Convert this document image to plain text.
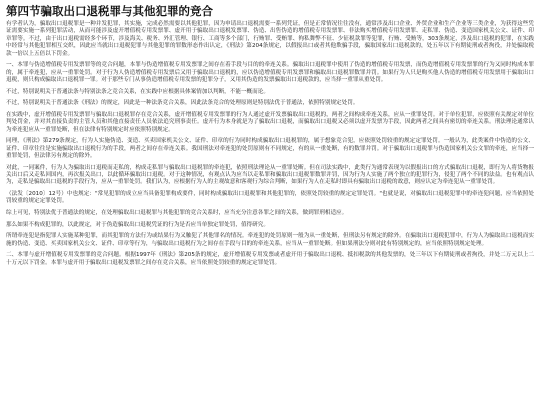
第四节骗取出口退税罪与其他犯罪的竞合

有学者认为，骗取出口退税罪是一种并发犯罪，其实施，完成必然需要以其他犯罪，因为申请出口退税需要一系列凭证，但是正常情况往往没有，通常涉及出口企业、外贸企业和生产企业等三类企业，为获得这些凭证需要实施一系列犯罪活动，从而可能涉及虚开增值税专用发票罪、虚开用于骗取出口退税发票罪、伪造、出售伪造的增值税专用发票罪、非法购买增值税专用发票罪、走私罪、伪造、变造国家机关公文、证件、印章罪等。不过，由于出口退税需经多个环节，涉及海关、税务、外汇管理、银行、工商等多个部门，行贿罪、受贿罪、徇私舞弊不征、少征税款罪等犯罪，行贿、受贿等，303条规定，涉及出口退税的犯罪，在实践中经常与其他犯罪相互交织，因此应当就出口退税犯罪与其他犯罪的罪数形态作出认定，《刑法》第204条规定，以假报出口或者其他欺骗手段，骗取国家出口退税款的，处五年以下有期徒刑或者拘役，并处骗取税款一倍以上五倍以下罚金。

一、本罪与伪造增值税专用发票罪等的竞合问题，本罪与伪造增值税专用发票罪之间存在着手段与目的的牵连关系。骗取出口退税罪中使用了伪造的增值税专用发票，而伪造增值税专用发票罪的行为又同时构成本罪的，属于牵连犯，应从一重罪处罚。对于行为人伪造增值税专用发票后又用于骗取出口退税的，应以伪造增值税专用发票罪和骗取出口退税罪数罪并罚。如果行为人只是购买他人伪造的增值税专用发票用于骗取出口退税，则只构成骗取出口退税罪一罪。对于那些专门从事伪造增值税专用发票的犯罪分子，又用其伪造的发票骗取出口退税款的，应当择一重罪从重处罚。

不过，特别说明关于普通法条与特别法条之竞合关系，在实践中应根据具体案情加以判断，不能一概而论。

不过，特别说明关于普通法条《刑法》的规定，因此是一种法条竞合关系，因此法条竞合的处理原则是特别法优于普通法，依照特别规定处罚。

在实践中，虚开增值税专用发票罪与骗取出口退税罪存在竞合关系，虚开增值税专用发票罪的行为人通过虚开发票骗取出口退税的，两者之间构成牵连关系，应从一重罪处罚。对于单位犯罪，应依照有关规定对单位判处罚金，并对其直接负责的主管人员和其他直接责任人员依法追究刑事责任。虚开行为本身就是为了骗取出口退税，而骗取出口退税又必须以虚开发票为手段，因此两者之间具有密切的牵连关系。刑法理论通常认为牵连犯应从一重罪处断，但在法律有特别规定时应依照特别规定。

同理，《刑法》第279条规定，行为人实施伪造、变造、买卖国家机关公文、证件、印章的行为同时构成骗取出口退税罪的，属于想象竞合犯，应依照处罚较重的规定定罪处罚。一般认为，此类案件中伪造的公文、证件、印章往往是实施骗取出口退税行为的手段，两者之间存在牵连关系。我国刑法对牵连犯的处罚原则有不同规定，有的从一重处断，有的数罪并罚。对于骗取出口退税罪与伪造国家机关公文罪的牵连，应当择一重罪处罚，但法律另有规定的除外。

对此，一同案件，行为人为骗取出口退税而走私的，构成走私罪与骗取出口退税罪的牵连犯，依照刑法理论从一重罪处断。但在司法实践中，此类行为通常表现为以假报出口的方式骗取出口退税，即行为人将货物报关出口后又走私回国内，再次报关出口，以此循环骗取出口退税。对于这种情况，有观点认为应当以走私罪和骗取出口退税罪数罪并罚，因为行为人实施了两个独立的犯罪行为，侵犯了两个不同的法益。也有观点认为，走私是骗取出口退税的手段行为，应从一重罪处罚。我们认为，应根据行为人的主观故意和客观行为综合判断，如果行为人在走私时即具有骗取出口退税的故意，则应认定为牵连犯从一重罪处罚。

（法发〔2010〕12号）中也规定："常见犯罪的成立应当具备犯罪构成要件，同时构成骗取出口退税罪和其他犯罪的，依照处罚较重的规定定罪处罚。"也就是说，对骗取出口退税犯罪中的牵连犯问题，应当依照处罚较重的规定定罪处罚。

综上可见，特别法优于普通法的规定，在处理骗取出口退税罪与其他犯罪的竞合关系时，应当充分注意各罪之间的关系，做到罪刑相适应。

那么如果不构成犯罪的，以此规定，对于伪造骗取出口退税凭证的行为是否应当单独定罪处罚，值得研究。

所谓牵连犯是指犯罪人实施某种犯罪，而其犯罪的方法行为或结果行为又触犯了其他罪名的情况。牵连犯的处罚原则一般为从一重处断，但刑法另有规定的除外。在骗取出口退税犯罪中，行为人为骗取出口退税而实施的伪造、变造、买卖国家机关公文、证件、印章等行为，与骗取出口退税行为之间存在手段与目的的牵连关系，应当从一重罪处断。但如果刑法分则对此有特别规定的，应当依照特别规定处理。

二、本罪与虚开增值税专用发票罪的竞合问题。根据1997年《刑法》第205条的规定，虚开增值税专用发票或者虚开用于骗取出口退税、抵扣税款的其他发票的，处三年以下有期徒刑或者拘役，并处二万元以上二十万元以下罚金。本罪与虚开用于骗取出口退税发票罪之间存在竞合关系，应当依照处罚较重的规定定罪处罚。
